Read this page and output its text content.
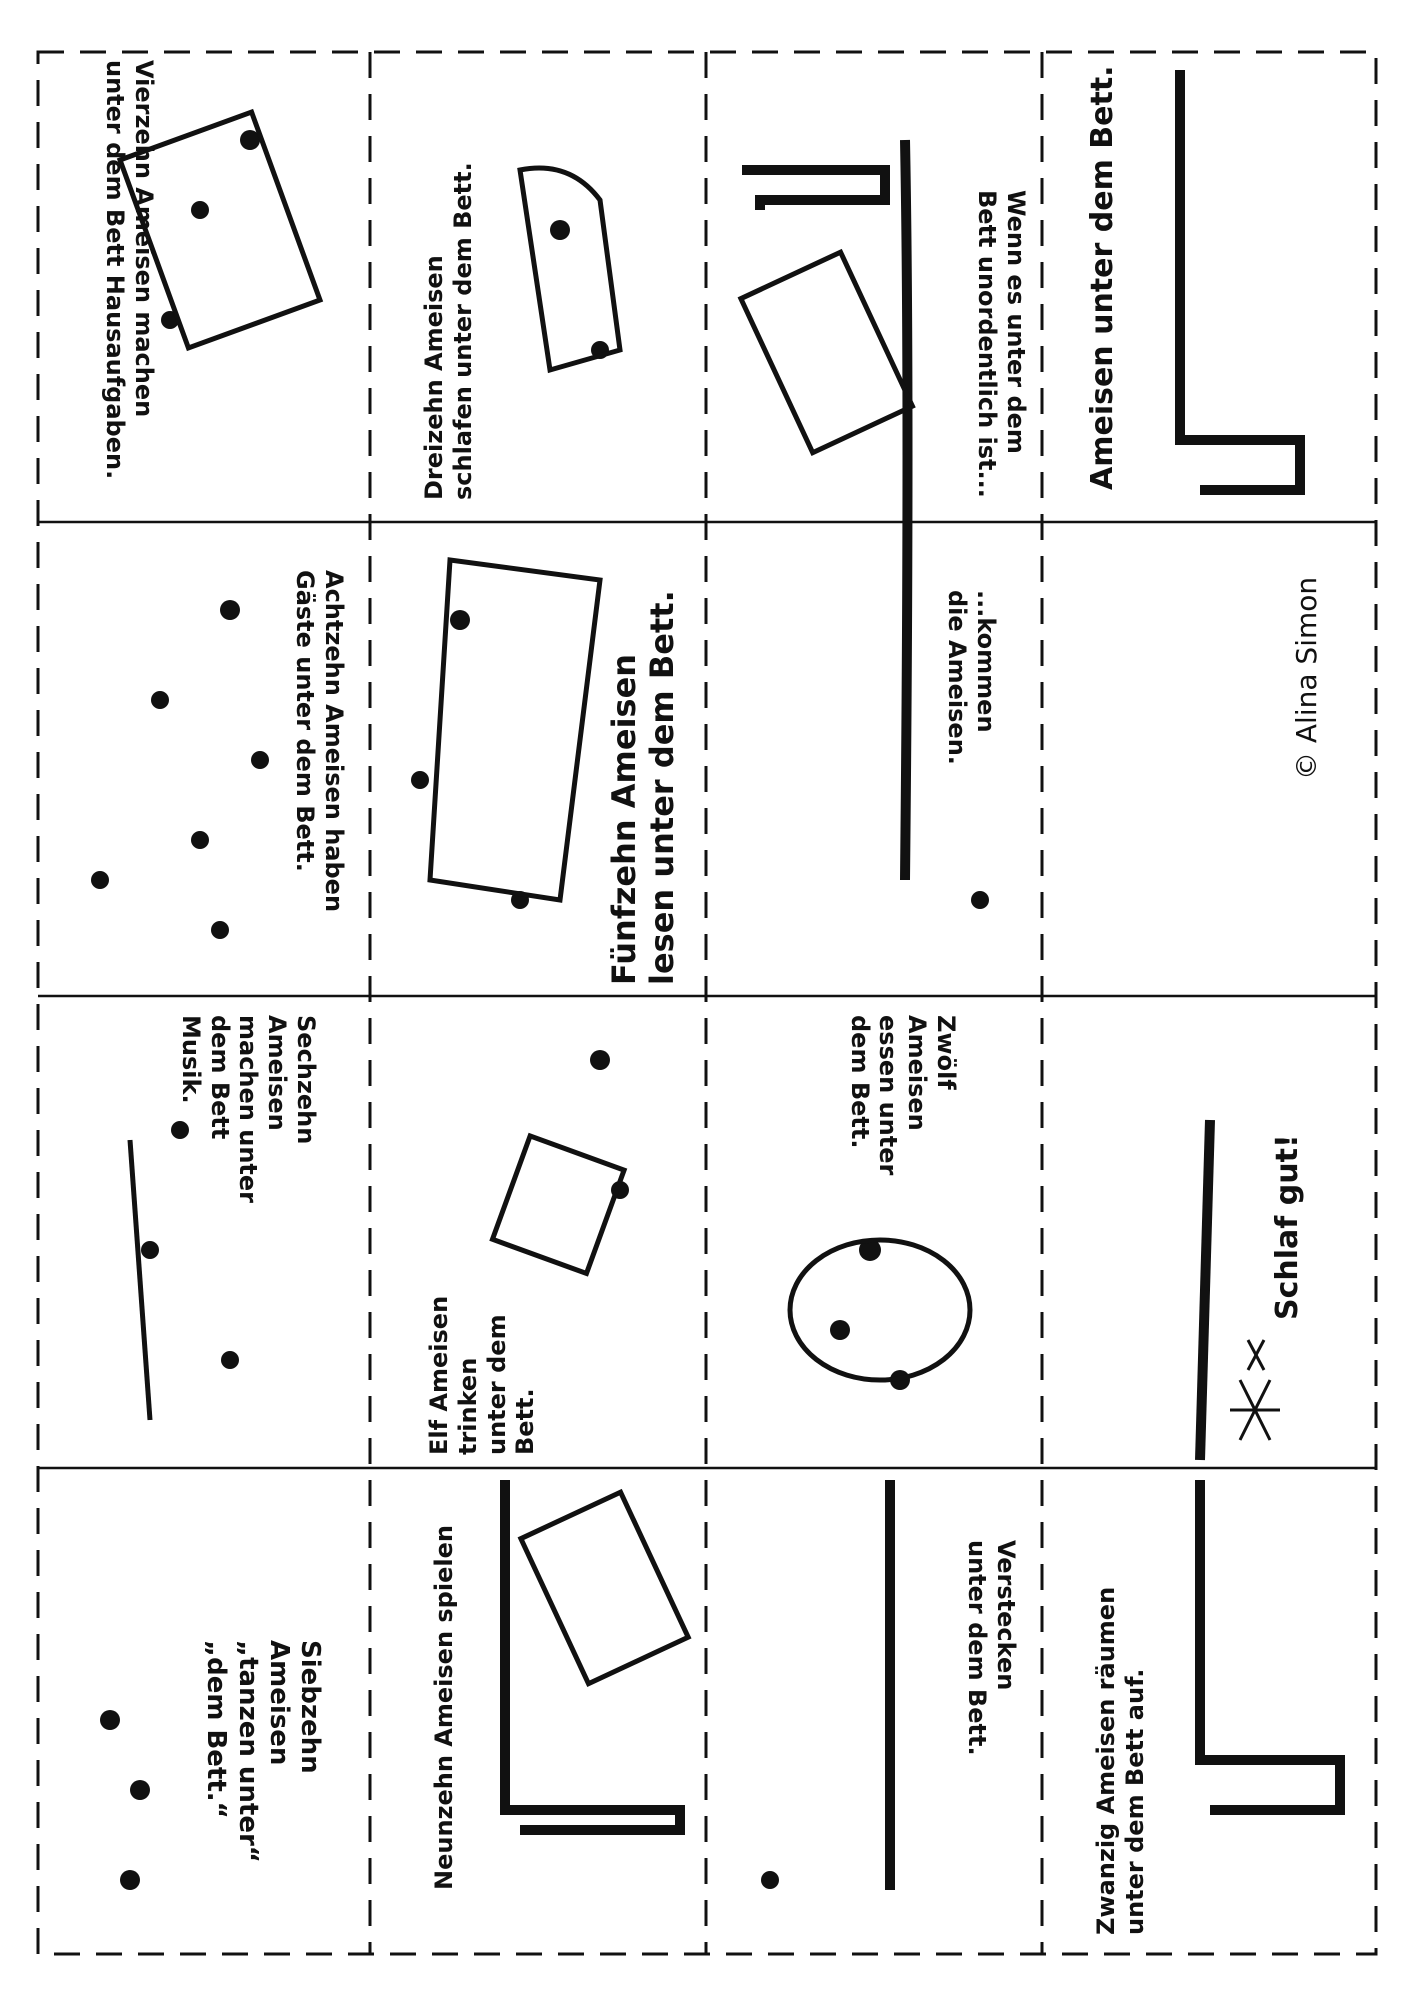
Vierzehn Ameisen machen
unter dem Bett Hausaufgaben.	Dreizehn Ameisen
schlafen unter dem Bett.	Wenn es unter dem
Bett unordentlich ist...	Ameisen unter dem Bett.
Achtzehn Ameisen haben
Gäste unter dem Bett.	Fünfzehn Ameisen
lesen unter dem Bett.	...kommen
die Ameisen.	© Alina Simon
Sechzehn
Ameisen
machen unter
dem Bett
Musik.
Elf Ameisen
trinken
unter dem
Bett.
Zwölf
Ameisen
essen unter
dem Bett.
Schlaf gut!
Siebzehn
Ameisen
„tanzen unter“
„dem Bett.“	Neunzehn Ameisen spielen	Verstecken
unter dem Bett.
Zwanzig Ameisen räumen
unter dem Bett auf.
